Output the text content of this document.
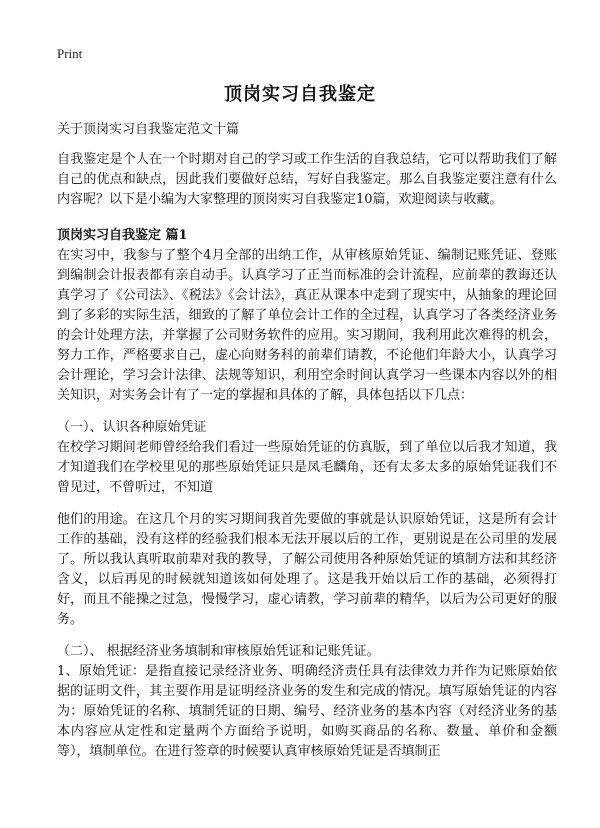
Print
顶岗实习自我鉴定

关于顶岗实习自我鉴定范文十篇

自我鉴定是个人在一个时期对自己的学习或工作生活的自我总结，它可以帮助我们了解自己的优点和缺点，因此我们要做好总结，写好自我鉴定。那么自我鉴定要注意有什么内容呢？以下是小编为大家整理的顶岗实习自我鉴定10篇，欢迎阅读与收藏。

顶岗实习自我鉴定 篇1

在实习中，我参与了整个4月全部的出纳工作，从审核原始凭证、编制记账凭证、登账到编制会计报表都有亲自动手。认真学习了正当而标准的会计流程，应前辈的教诲还认真学习了《公司法》、《税法》《会计法》，真正从课本中走到了现实中，从抽象的理论回到了多彩的实际生活，细致的了解了单位会计工作的全过程，认真学习了各类经济业务的会计处理方法，并掌握了公司财务软件的应用。实习期间，我利用此次难得的机会，努力工作，严格要求自己，虚心向财务科的前辈们请教，不论他们年龄大小，认真学习会计理论，学习会计法律、法规等知识，利用空余时间认真学习一些课本内容以外的相关知识，对实务会计有了一定的掌握和具体的了解，具体包括以下几点：

（一）、认识各种原始凭证

在校学习期间老师曾经给我们看过一些原始凭证的仿真版，到了单位以后我才知道，我才知道我们在学校里见的那些原始凭证只是凤毛麟角，还有太多太多的原始凭证我们不曾见过，不曾听过，不知道

他们的用途。在这几个月的实习期间我首先要做的事就是认识原始凭证，这是所有会计工作的基础，没有这样的经验我们根本无法开展以后的工作，更别说是在公司里的发展了。所以我认真听取前辈对我的教导，了解公司使用各种原始凭证的填制方法和其经济含义，以后再见的时候就知道该如何处理了。这是我开始以后工作的基础，必须得打好，而且不能操之过急，慢慢学习，虚心请教，学习前辈的精华，以后为公司更好的服务。

（二）、 根据经济业务填制和审核原始凭证和记账凭证。

1、原始凭证：是指直接记录经济业务、明确经济责任具有法律效力并作为记账原始依据的证明文件，其主要作用是证明经济业务的发生和完成的情况。填写原始凭证的内容为：原始凭证的名称、填制凭证的日期、编号、经济业务的基本内容（对经济业务的基本内容应从定性和定量两个方面给予说明，如购买商品的名称、数量、单价和金额等），填制单位。在进行签章的时候要认真审核原始凭证是否填制正
